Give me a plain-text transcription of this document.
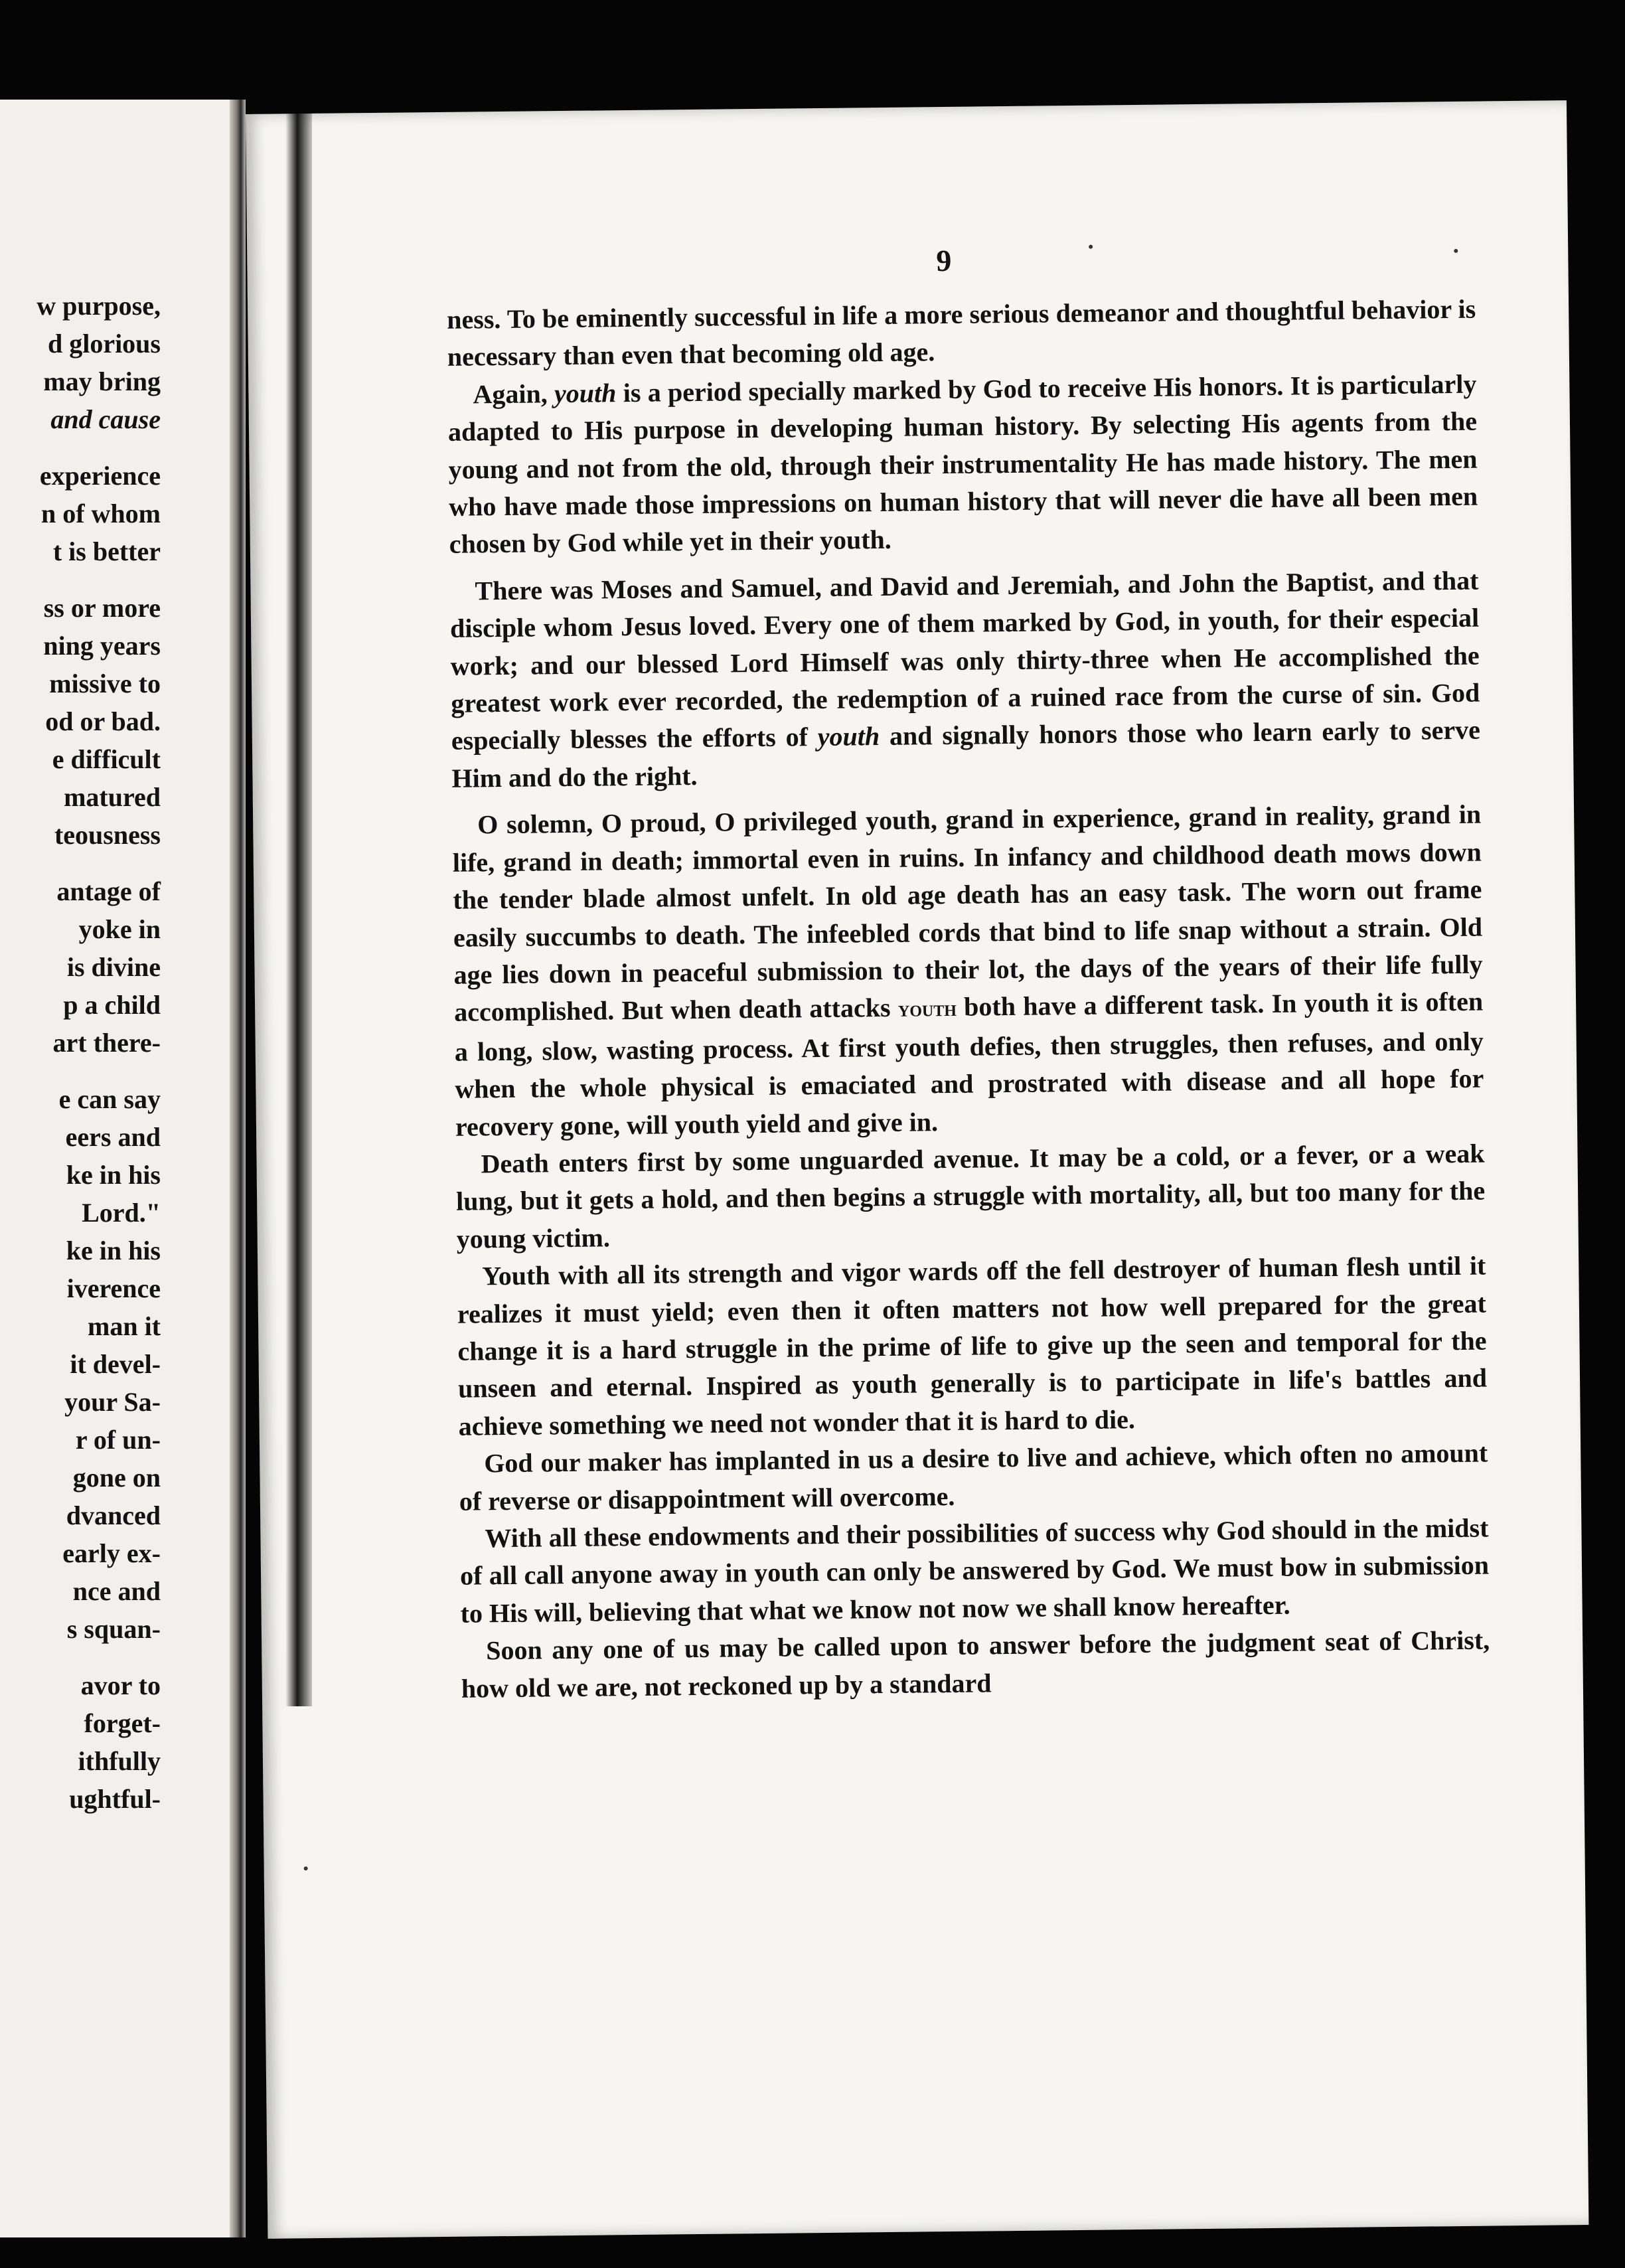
w purpose,
d glorious
may bring
and cause
experience
n of whom
t is better
ss or more
ning years
missive to
od or bad.
e difficult
matured
teousness
antage of
yoke in
is divine
p a child
art there-
e can say
eers and
ke in his
Lord."
ke in his
iverence
man it
it devel-
your Sa-
r of un-
gone on
dvanced
early ex-
nce and
s squan-
avor to
forget-
ithfully
ughtful-
9

ness. To be eminently successful in life a more serious demeanor and thoughtful behavior is necessary than even that becoming old age.

Again, youth is a period specially marked by God to receive His honors. It is particularly adapted to His purpose in developing human history. By selecting His agents from the young and not from the old, through their instrumentality He has made history. The men who have made those impressions on human history that will never die have all been men chosen by God while yet in their youth.

There was Moses and Samuel, and David and Jeremiah, and John the Baptist, and that disciple whom Jesus loved. Every one of them marked by God, in youth, for their especial work; and our blessed Lord Himself was only thirty-three when He accomplished the greatest work ever recorded, the redemption of a ruined race from the curse of sin. God especially blesses the efforts of youth and signally honors those who learn early to serve Him and do the right.

O solemn, O proud, O privileged youth, grand in experience, grand in reality, grand in life, grand in death; immortal even in ruins. In infancy and childhood death mows down the tender blade almost unfelt. In old age death has an easy task. The worn out frame easily succumbs to death. The infeebled cords that bind to life snap without a strain. Old age lies down in peaceful submission to their lot, the days of the years of their life fully accomplished. But when death attacks youth both have a different task. In youth it is often a long, slow, wasting process. At first youth defies, then struggles, then refuses, and only when the whole physical is emaciated and prostrated with disease and all hope for recovery gone, will youth yield and give in.

Death enters first by some unguarded avenue. It may be a cold, or a fever, or a weak lung, but it gets a hold, and then begins a struggle with mortality, all, but too many for the young victim.

Youth with all its strength and vigor wards off the fell destroyer of human flesh until it realizes it must yield; even then it often matters not how well prepared for the great change it is a hard struggle in the prime of life to give up the seen and temporal for the unseen and eternal. Inspired as youth generally is to participate in life's battles and achieve something we need not wonder that it is hard to die.

God our maker has implanted in us a desire to live and achieve, which often no amount of reverse or disappointment will overcome.

With all these endowments and their possibilities of success why God should in the midst of all call anyone away in youth can only be answered by God. We must bow in submission to His will, believing that what we know not now we shall know hereafter.

Soon any one of us may be called upon to answer before the judgment seat of Christ, how old we are, not reckoned up by a standard
